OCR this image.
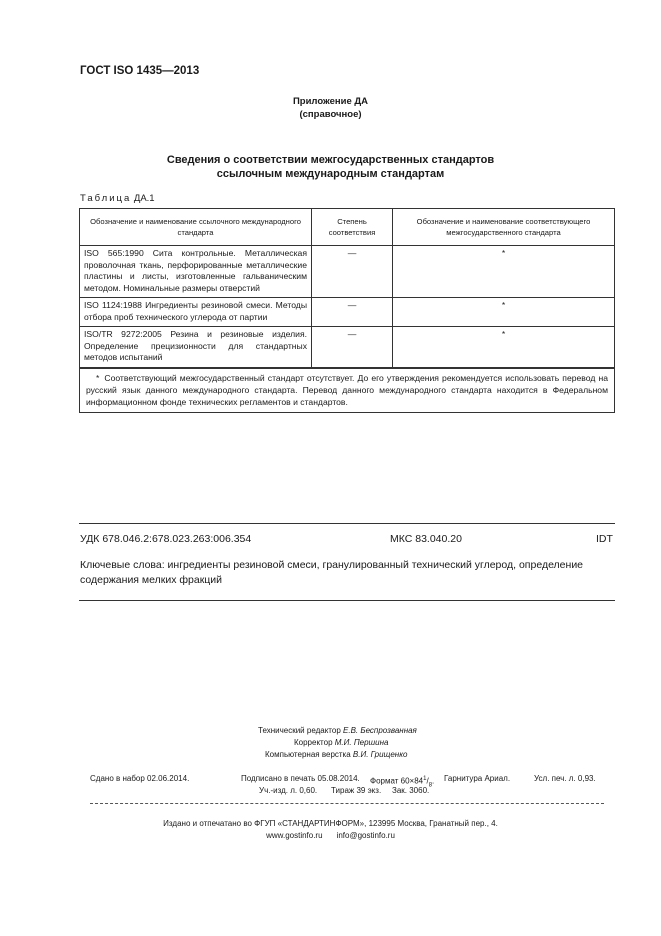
ГОСТ ISO 1435—2013
Приложение ДА
(справочное)
Сведения о соответствии межгосударственных стандартов
ссылочным международным стандартам
Таблица ДА.1
Обозначение и наименование ссылочного международного стандарта	Степень соответствия	Обозначение и наименование соответствующего межгосударственного стандарта
ISO 565:1990 Сита контрольные. Металлическая проволочная ткань, перфорированные металлические пластины и листы, изготовленные гальваническим методом. Номинальные размеры отверстий	—	*
ISO 1124:1988 Ингредиенты резиновой смеси. Методы отбора проб технического углерода от партии	—	*
ISO/TR 9272:2005 Резина и резиновые изделия. Определение прецизионности для стандартных методов испытаний	—	*
* Соответствующий межгосударственный стандарт отсутствует. До его утверждения рекомендуется использовать перевод на русский язык данного международного стандарта. Перевод данного международного стандарта находится в Федеральном информационном фонде технических регламентов и стандартов.		
УДК 678.046.2:678.023.263:006.354	МКС 83.040.20	IDT
Ключевые слова: ингредиенты резиновой смеси, гранулированный технический углерод, определение содержания мелких фракций
Технический редактор Е.В. Беспрозванная
Корректор М.И. Першина
Компьютерная верстка В.И. Грищенко
Сдано в набор 02.06.2014.	Подписано в печать 05.08.2014. Формат $60\times 84^1/_8$. Гарнитура Ариал.	Усл. печ. л. 0,93.
Уч.-изд. л. 0,60. Тираж 39 экз. Зак. 3060.
Издано и отпечатано во ФГУП «СТАНДАРТИНФОРМ», 123995 Москва, Гранатный пер., 4.
www.gostinfo.ru info@gostinfo.ru
